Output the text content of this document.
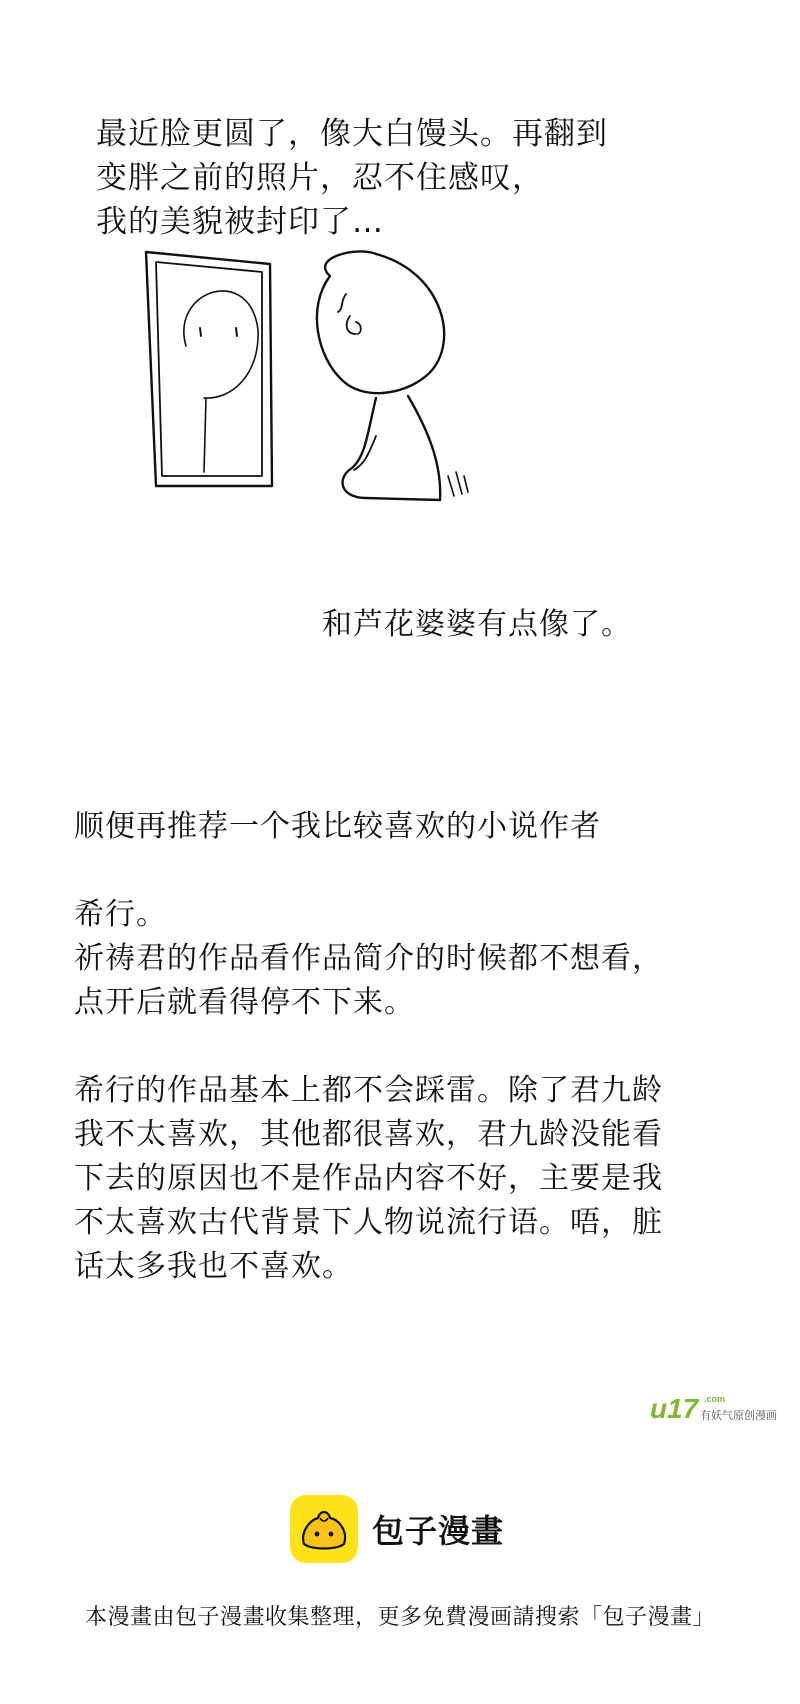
最近脸更圆了，像大白馒头。再翻到
变胖之前的照片，忍不住感叹，
我的美貌被封印了…
和芦花婆婆有点像了。
顺便再推荐一个我比较喜欢的小说作者
希行。
祈祷君的作品看作品简介的时候都不想看，
点开后就看得停不下来。
希行的作品基本上都不会踩雷。除了君九龄
我不太喜欢，其他都很喜欢，君九龄没能看
下去的原因也不是作品内容不好，主要是我
不太喜欢古代背景下人物说流行语。唔，脏
话太多我也不喜欢。
u17 .com
有妖气原创漫画
包子漫畫
本漫畫由包子漫畫收集整理，更多免費漫画請搜索「包子漫畫」
